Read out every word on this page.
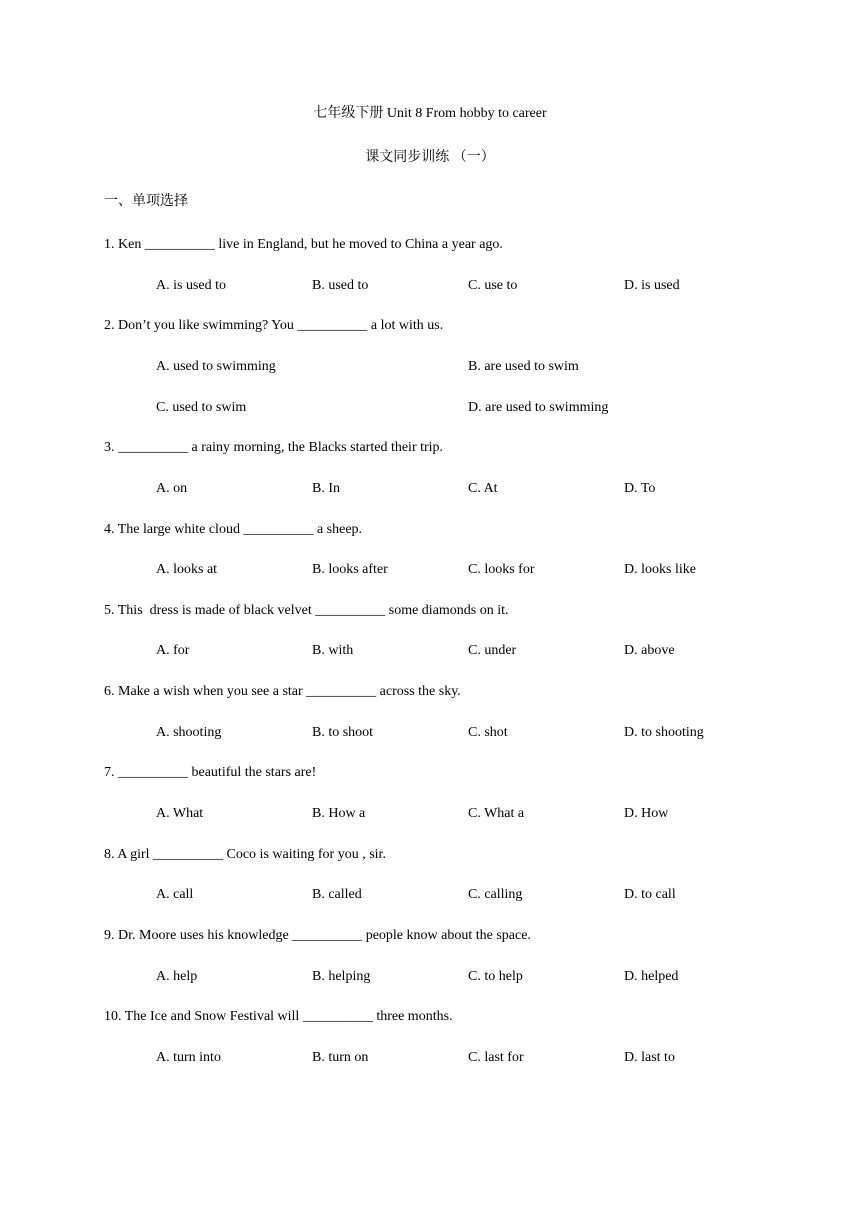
七年级下册 Unit 8 From hobby to career
课文同步训练 （一）
一、单项选择
1. Ken __________ live in England, but he moved to China a year ago.
A. is used to	B. used to	C. use to	D. is used
2. Don’t you like swimming? You __________ a lot with us.
A. used to swimming	B. are used to swim
C. used to swim	D. are used to swimming
3. __________ a rainy morning, the Blacks started their trip.
A. on	B. In	C. At	D. To
4. The large white cloud __________ a sheep.
A. looks at	B. looks after	C. looks for	D. looks like
5. This  dress is made of black velvet __________ some diamonds on it.
A. for	B. with	C. under	D. above
6. Make a wish when you see a star __________ across the sky.
A. shooting	B. to shoot	C. shot	D. to shooting
7. __________ beautiful the stars are!
A. What	B. How a	C. What a	D. How
8. A girl __________ Coco is waiting for you , sir.
A. call	B. called	C. calling	D. to call
9. Dr. Moore uses his knowledge __________ people know about the space.
A. help	B. helping	C. to help	D. helped
10. The Ice and Snow Festival will __________ three months.
A. turn into	B. turn on	C. last for	D. last to
